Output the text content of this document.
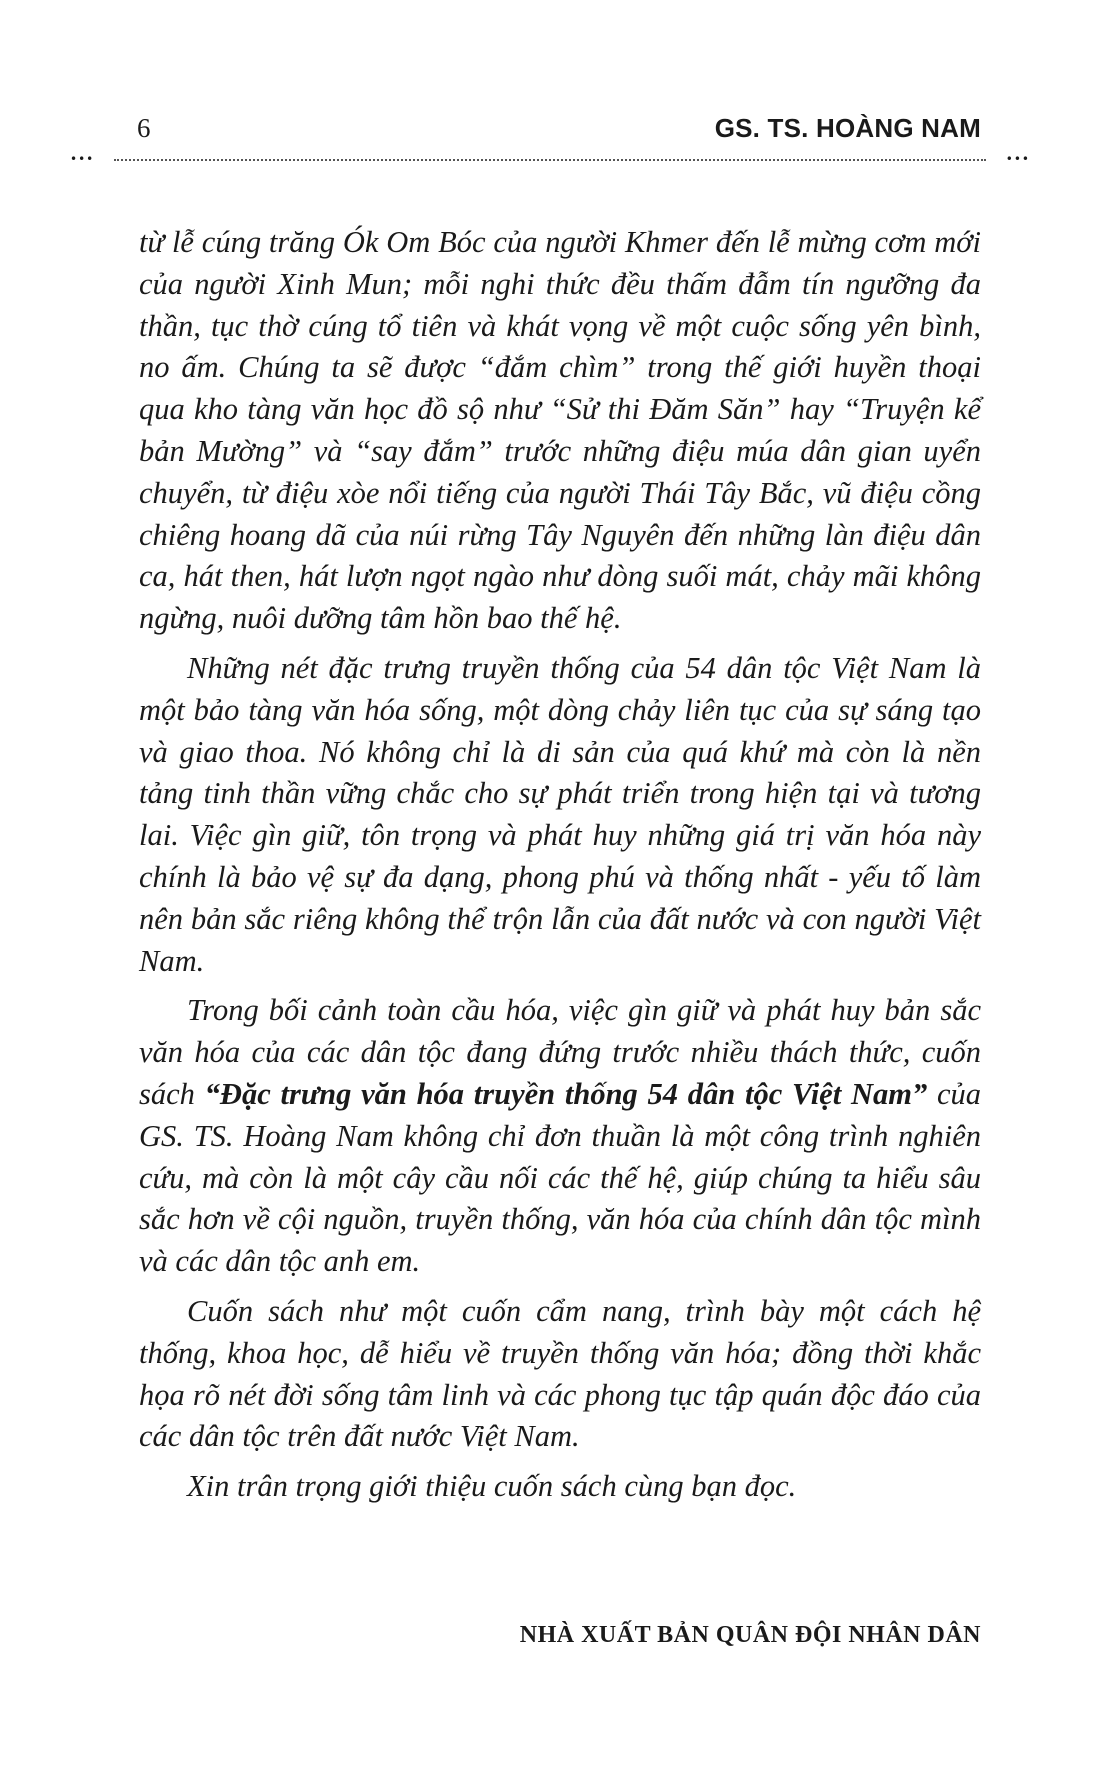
6	GS. TS. HOÀNG NAM
•••	•••

từ lễ cúng trăng Ók Om Bóc của người Khmer đến lễ mừng cơm mới của người Xinh Mun; mỗi nghi thức đều thấm đẫm tín ngưỡng đa thần, tục thờ cúng tổ tiên và khát vọng về một cuộc sống yên bình, no ấm. Chúng ta sẽ được “đắm chìm” trong thế giới huyền thoại qua kho tàng văn học đồ sộ như “Sử thi Đăm Săn” hay “Truyện kể bản Mường” và “say đắm” trước những điệu múa dân gian uyển chuyển, từ điệu xòe nổi tiếng của người Thái Tây Bắc, vũ điệu cồng chiêng hoang dã của núi rừng Tây Nguyên đến những làn điệu dân ca, hát then, hát lượn ngọt ngào như dòng suối mát, chảy mãi không ngừng, nuôi dưỡng tâm hồn bao thế hệ.

Những nét đặc trưng truyền thống của 54 dân tộc Việt Nam là một bảo tàng văn hóa sống, một dòng chảy liên tục của sự sáng tạo và giao thoa. Nó không chỉ là di sản của quá khứ mà còn là nền tảng tinh thần vững chắc cho sự phát triển trong hiện tại và tương lai. Việc gìn giữ, tôn trọng và phát huy những giá trị văn hóa này chính là bảo vệ sự đa dạng, phong phú và thống nhất - yếu tố làm nên bản sắc riêng không thể trộn lẫn của đất nước và con người Việt Nam.

Trong bối cảnh toàn cầu hóa, việc gìn giữ và phát huy bản sắc văn hóa của các dân tộc đang đứng trước nhiều thách thức, cuốn sách “Đặc trưng văn hóa truyền thống 54 dân tộc Việt Nam” của GS. TS. Hoàng Nam không chỉ đơn thuần là một công trình nghiên cứu, mà còn là một cây cầu nối các thế hệ, giúp chúng ta hiểu sâu sắc hơn về cội nguồn, truyền thống, văn hóa của chính dân tộc mình và các dân tộc anh em.

Cuốn sách như một cuốn cẩm nang, trình bày một cách hệ thống, khoa học, dễ hiểu về truyền thống văn hóa; đồng thời khắc họa rõ nét đời sống tâm linh và các phong tục tập quán độc đáo của các dân tộc trên đất nước Việt Nam.

Xin trân trọng giới thiệu cuốn sách cùng bạn đọc.

NHÀ XUẤT BẢN QUÂN ĐỘI NHÂN DÂN
